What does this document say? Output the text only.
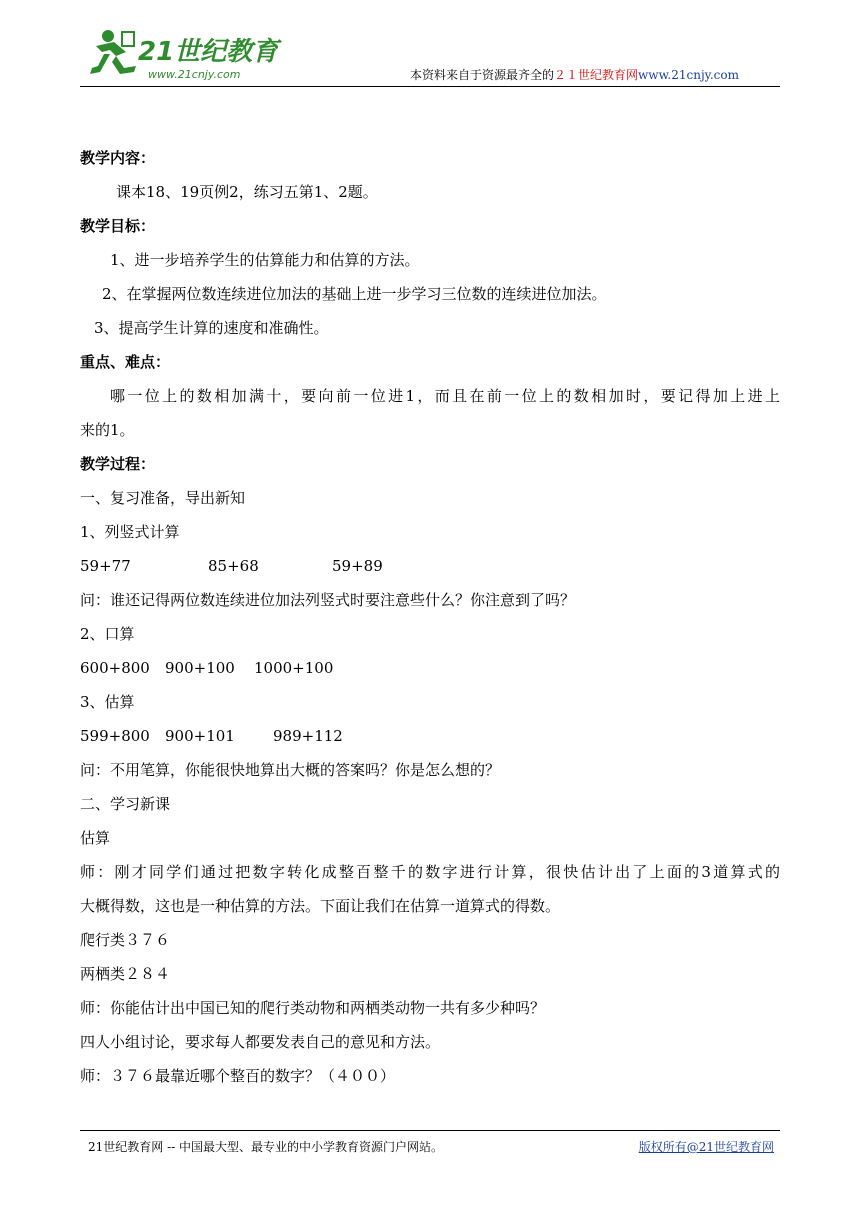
21世纪教育
www.21cnjy.com	本资料来自于资源最齐全的２１世纪教育网www.21cnjy.com
教学内容：
课本18、19页例2，练习五第1、2题。
教学目标：
1、进一步培养学生的估算能力和估算的方法。
2、在掌握两位数连续进位加法的基础上进一步学习三位数的连续进位加法。
3、提高学生计算的速度和准确性。
重点、难点：
哪一位上的数相加满十，要向前一位进1，而且在前一位上的数相加时，要记得加上进上
来的1。
教学过程：
一、复习准备，导出新知
1、列竖式计算
59+77	85+68	59+89
问：谁还记得两位数连续进位加法列竖式时要注意些什么？你注意到了吗？
2、口算
600+800 900+100 1000+100
3、估算
599+800 900+101	989+112
问：不用笔算，你能很快地算出大概的答案吗？你是怎么想的？
二、学习新课
估算
师：刚才同学们通过把数字转化成整百整千的数字进行计算，很快估计出了上面的3道算式的
大概得数，这也是一种估算的方法。下面让我们在估算一道算式的得数。
爬行类３７６
两栖类２８４
师：你能估计出中国已知的爬行类动物和两栖类动物一共有多少种吗？
四人小组讨论，要求每人都要发表自己的意见和方法。
师：３７６最靠近哪个整百的数字？（４００）
21世纪教育网 -- 中国最大型、最专业的中小学教育资源门户网站。	版权所有@21世纪教育网
